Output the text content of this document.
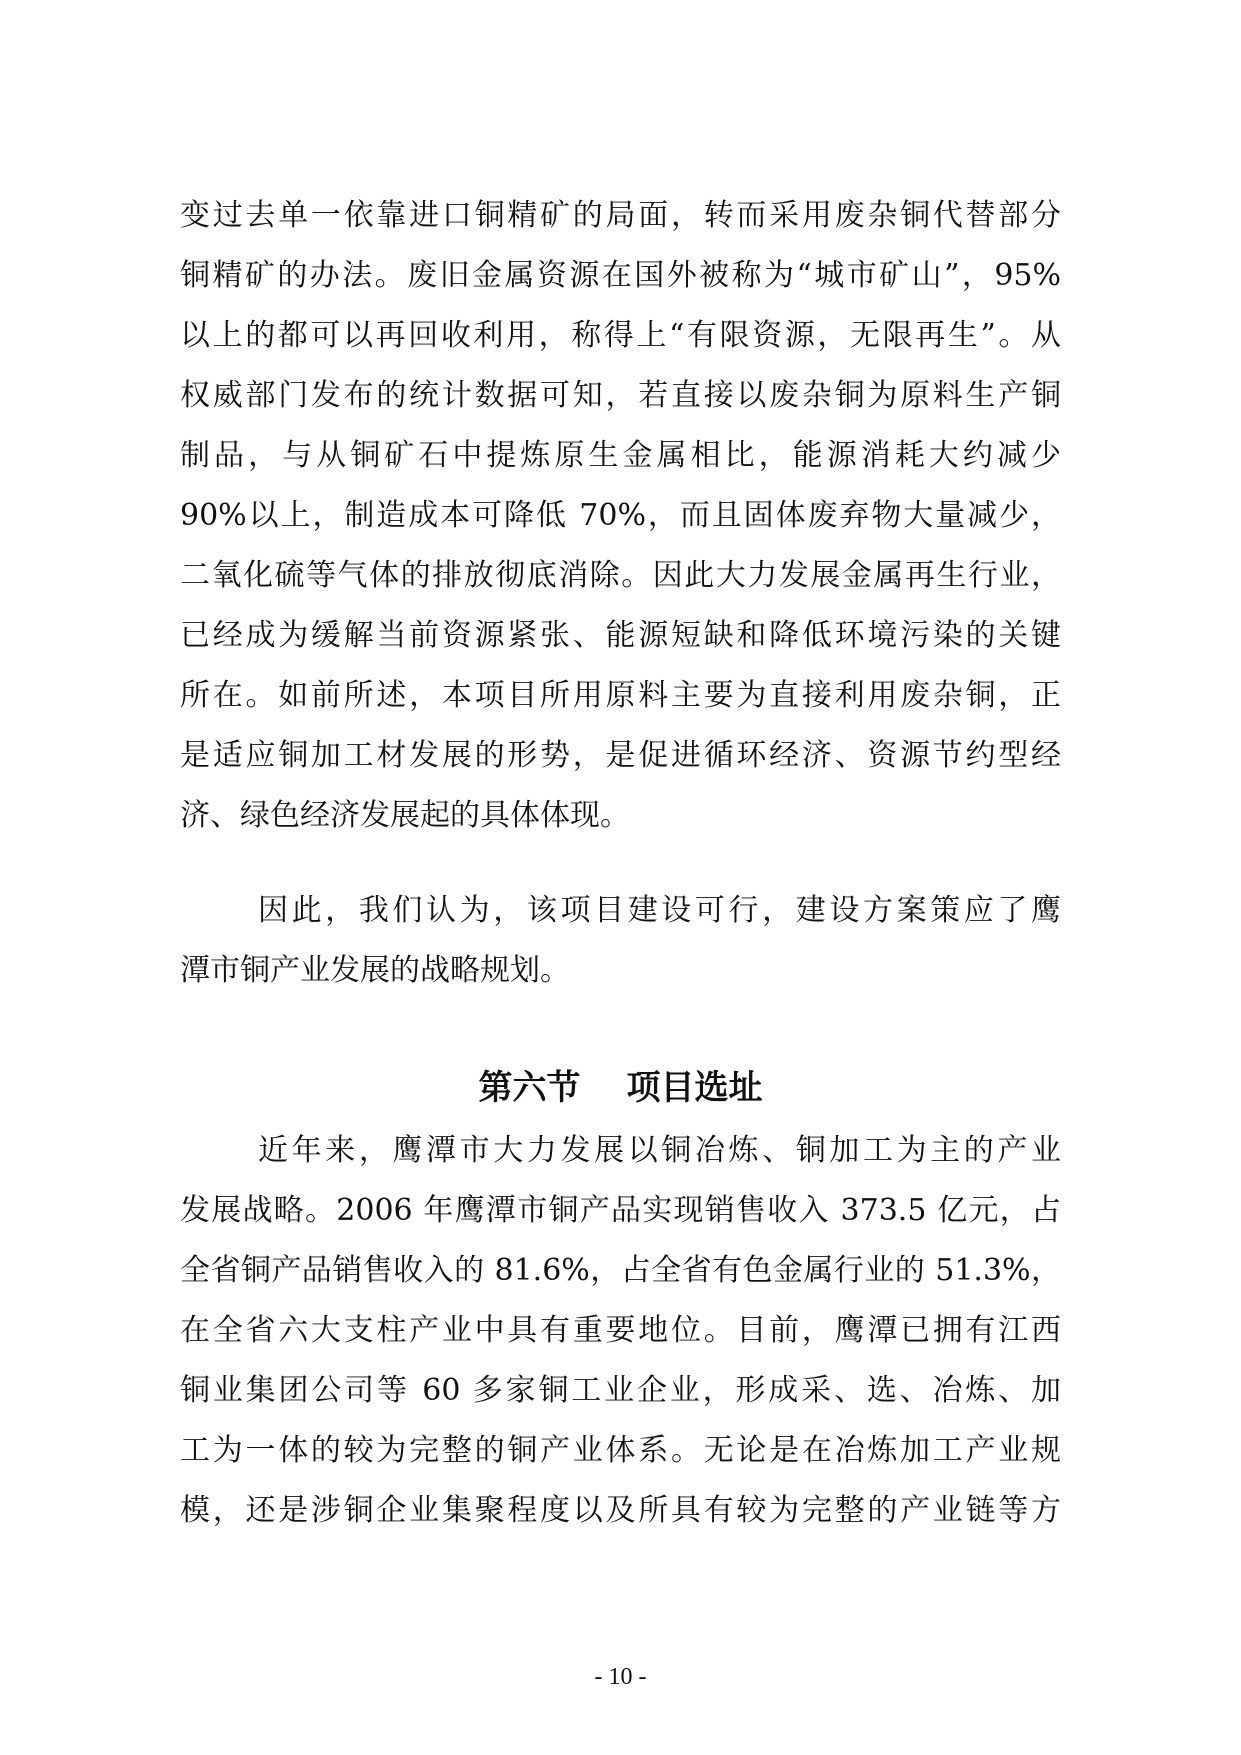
变过去单一依靠进口铜精矿的局面，转而采用废杂铜代替部分
铜精矿的办法。废旧金属资源在国外被称为“城市矿山”，95%
以上的都可以再回收利用，称得上“有限资源，无限再生”。从
权威部门发布的统计数据可知，若直接以废杂铜为原料生产铜
制品，与从铜矿石中提炼原生金属相比，能源消耗大约减少
90%以上，制造成本可降低 70%，而且固体废弃物大量减少，
二氧化硫等气体的排放彻底消除。因此大力发展金属再生行业，
已经成为缓解当前资源紧张、能源短缺和降低环境污染的关键
所在。如前所述，本项目所用原料主要为直接利用废杂铜，正
是适应铜加工材发展的形势，是促进循环经济、资源节约型经
济、绿色经济发展起的具体体现。
因此，我们认为，该项目建设可行，建设方案策应了鹰
潭市铜产业发展的战略规划。
第六节 项目选址
近年来，鹰潭市大力发展以铜冶炼、铜加工为主的产业
发展战略。2006 年鹰潭市铜产品实现销售收入 373.5 亿元，占
全省铜产品销售收入的 81.6%，占全省有色金属行业的 51.3%，
在全省六大支柱产业中具有重要地位。目前，鹰潭已拥有江西
铜业集团公司等 60 多家铜工业企业，形成采、选、冶炼、加
工为一体的较为完整的铜产业体系。无论是在冶炼加工产业规
模，还是涉铜企业集聚程度以及所具有较为完整的产业链等方
- 10 -
